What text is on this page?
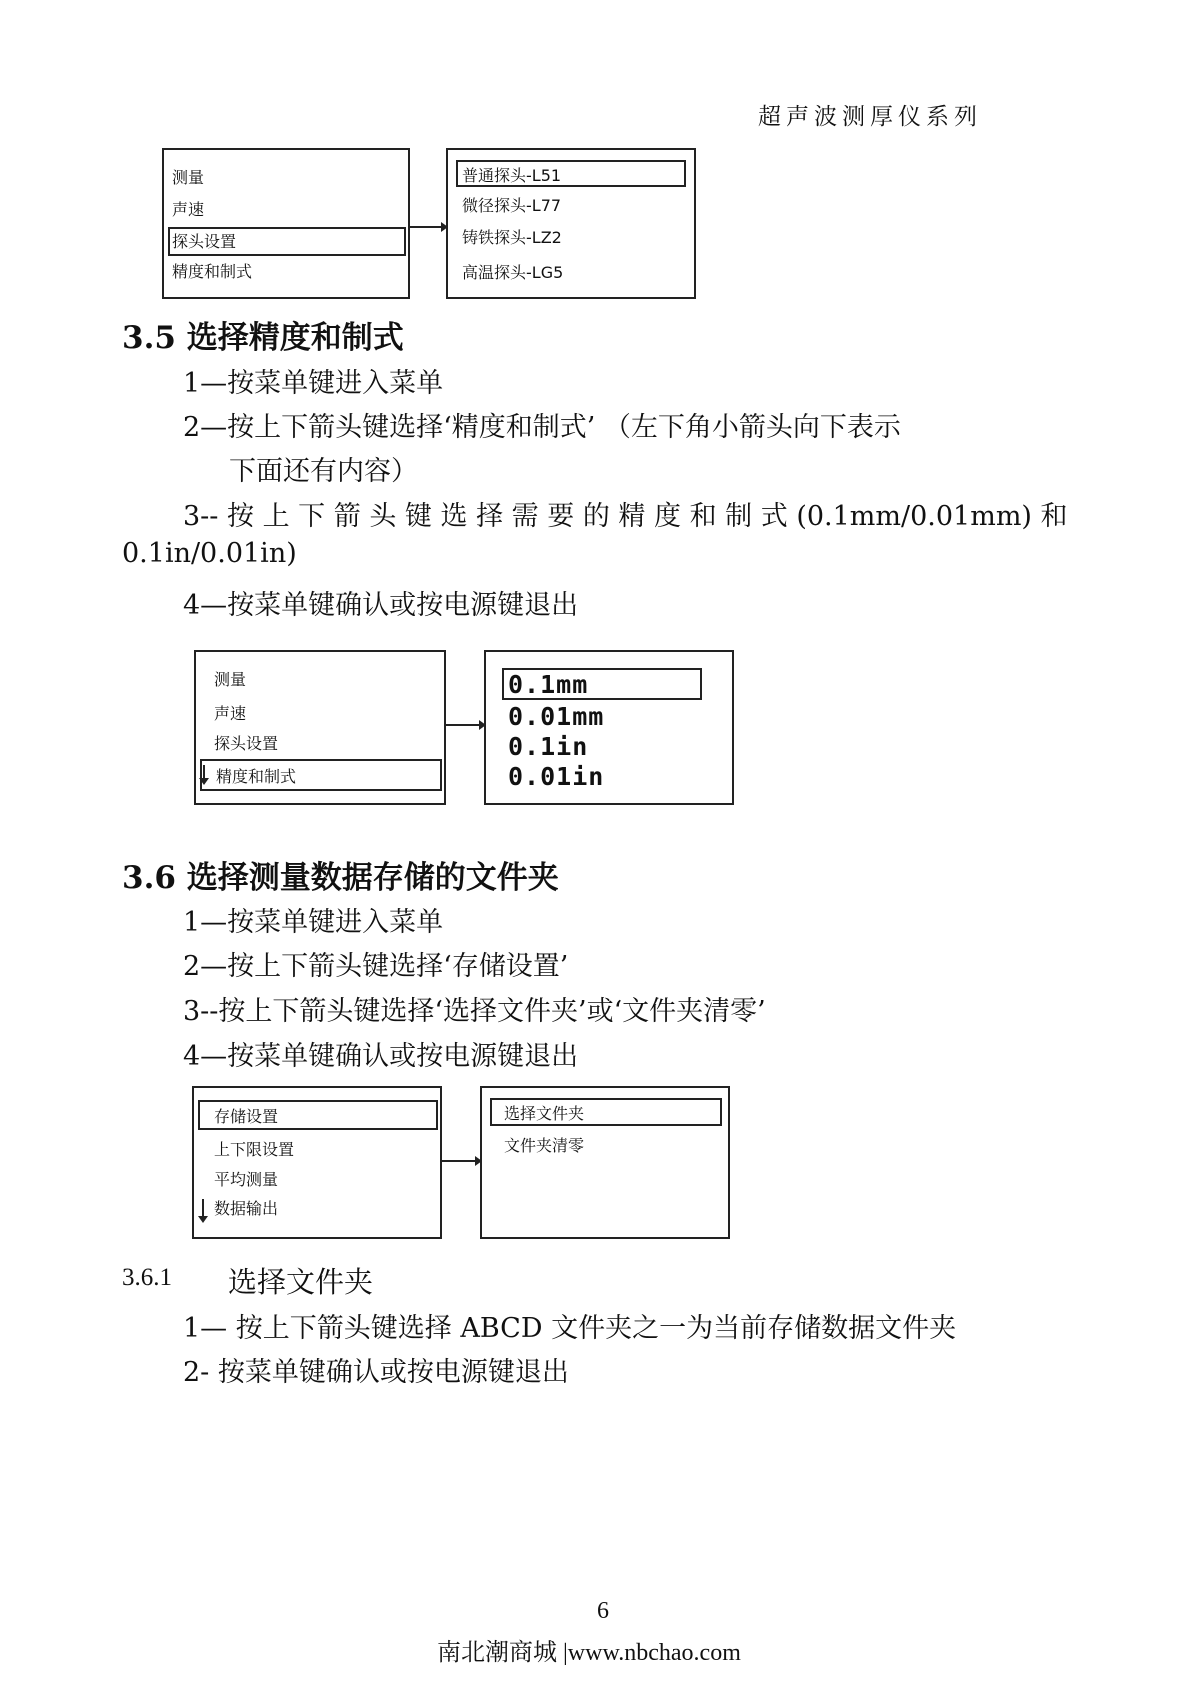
超声波测厚仪系列
测量
声速
探头设置
精度和制式
普通探头-L51
微径探头-L77
铸铁探头-LZ2
高温探头-LG5
3.5 选择精度和制式
1—按菜单键进入菜单
2—按上下箭头键选择‘精度和制式’ （左下角小箭头向下表示
下面还有内容）
3-- 按 上 下 箭 头 键 选 择 需 要 的 精 度 和 制 式 (0.1mm/0.01mm) 和
0.1in/0.01in)
4—按菜单键确认或按电源键退出
测量
声速
探头设置
精度和制式
0.1mm
0.01mm
0.1in
0.01in
3.6 选择测量数据存储的文件夹
1—按菜单键进入菜单
2—按上下箭头键选择‘存储设置’
3--按上下箭头键选择‘选择文件夹’或‘文件夹清零’
4—按菜单键确认或按电源键退出
存储设置
上下限设置
平均测量
数据输出
选择文件夹
文件夹清零
3.6.1 选择文件夹
1— 按上下箭头键选择 ABCD 文件夹之一为当前存储数据文件夹
2- 按菜单键确认或按电源键退出
6
南北潮商城 |www.nbchao.com
